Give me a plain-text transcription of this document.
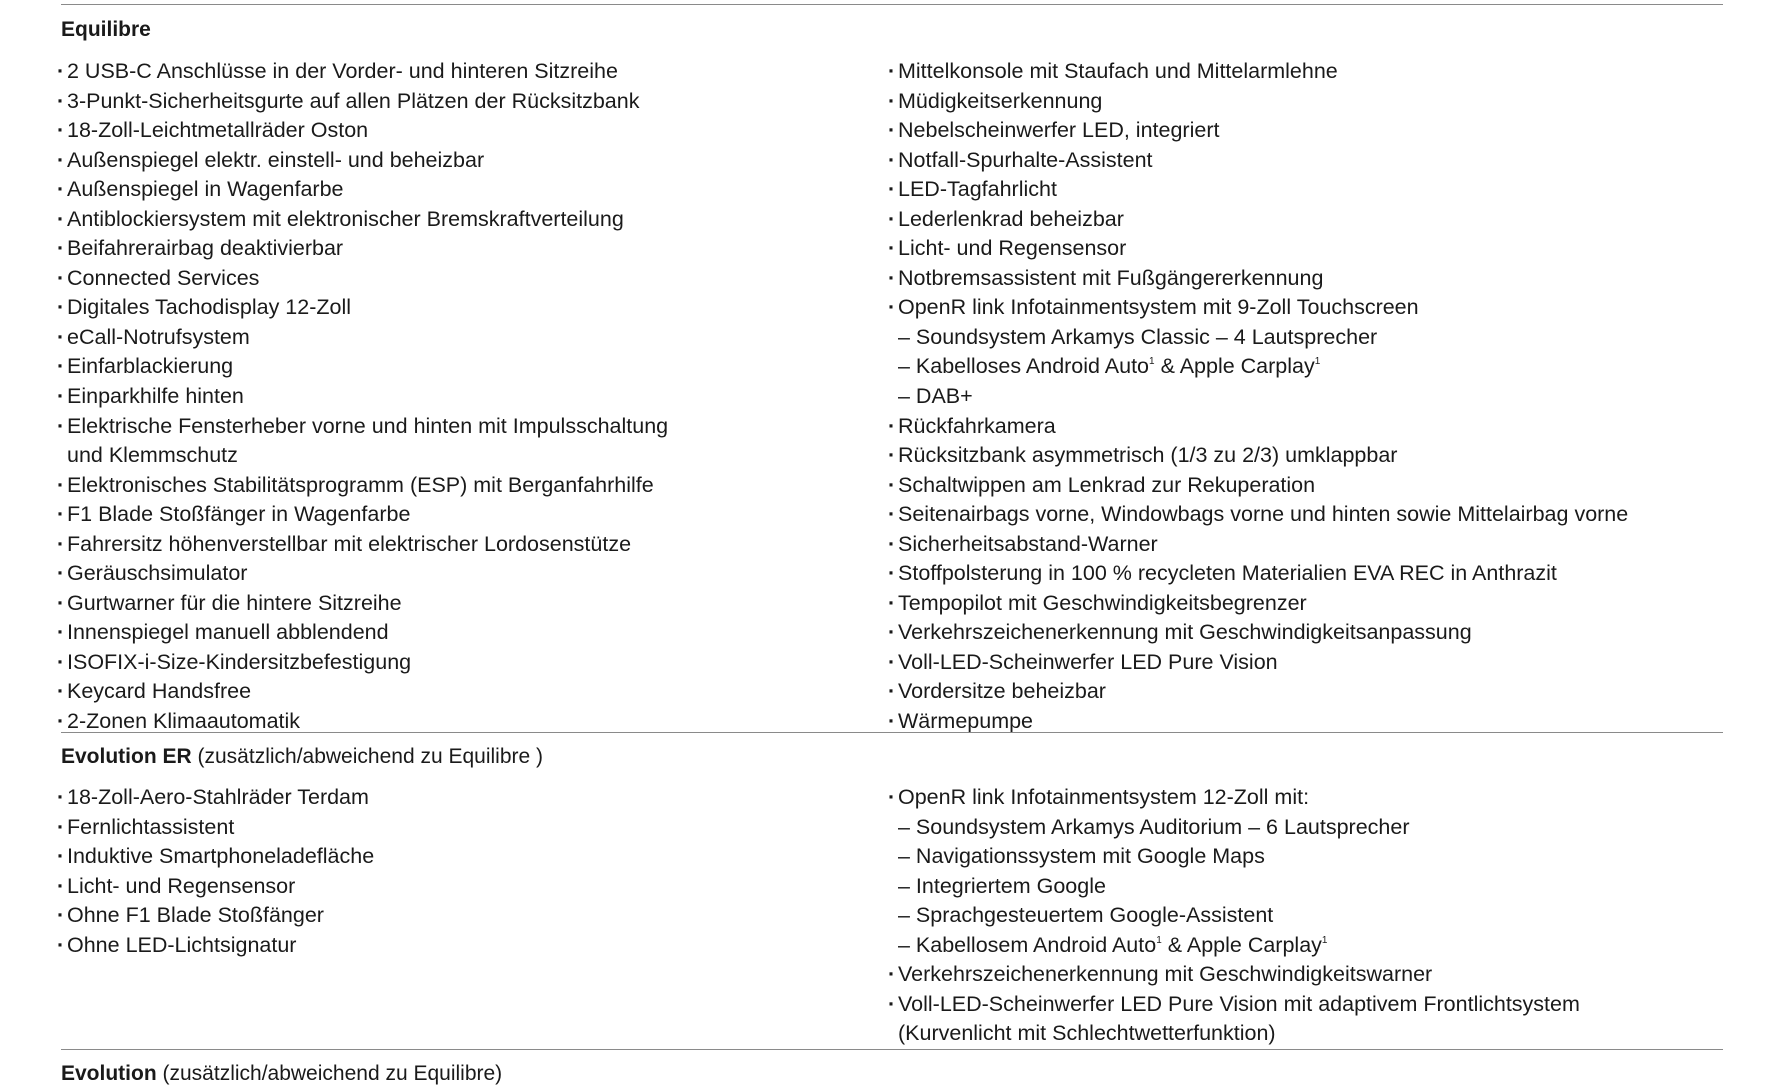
Equilibre
· 2 USB-C Anschlüsse in der Vorder- und hinteren Sitzreihe
· 3-Punkt-Sicherheitsgurte auf allen Plätzen der Rücksitzbank
· 18-Zoll-Leichtmetallräder Oston
· Außenspiegel elektr. einstell- und beheizbar
· Außenspiegel in Wagenfarbe
· Antiblockiersystem mit elektronischer Bremskraftverteilung
· Beifahrerairbag deaktivierbar
· Connected Services
· Digitales Tachodisplay 12-Zoll
· eCall-Notrufsystem
· Einfarblackierung
· Einparkhilfe hinten
· Elektrische Fensterheber vorne und hinten mit Impulsschaltung
und Klemmschutz
· Elektronisches Stabilitätsprogramm (ESP) mit Berganfahrhilfe
· F1 Blade Stoßfänger in Wagenfarbe
· Fahrersitz höhenverstellbar mit elektrischer Lordosenstütze
· Geräuschsimulator
· Gurtwarner für die hintere Sitzreihe
· Innenspiegel manuell abblendend
· ISOFIX-i-Size-Kindersitzbefestigung
· Keycard Handsfree
· 2-Zonen Klimaautomatik
· Mittelkonsole mit Staufach und Mittelarmlehne
· Müdigkeitserkennung
· Nebelscheinwerfer LED, integriert
· Notfall-Spurhalte-Assistent
· LED-Tagfahrlicht
· Lederlenkrad beheizbar
· Licht- und Regensensor
· Notbremsassistent mit Fußgängererkennung
· OpenR link Infotainmentsystem mit 9-Zoll Touchscreen
– Soundsystem Arkamys Classic – 4 Lautsprecher
– Kabelloses Android Auto$^1$ & Apple Carplay$^1$
– DAB+
· Rückfahrkamera
· Rücksitzbank asymmetrisch (1/3 zu 2/3) umklappbar
· Schaltwippen am Lenkrad zur Rekuperation
· Seitenairbags vorne, Windowbags vorne und hinten sowie Mittelairbag vorne
· Sicherheitsabstand-Warner
· Stoffpolsterung in 100 % recycleten Materialien EVA REC in Anthrazit
· Tempopilot mit Geschwindigkeitsbegrenzer
· Verkehrszeichenerkennung mit Geschwindigkeitsanpassung
· Voll-LED-Scheinwerfer LED Pure Vision
· Vordersitze beheizbar
· Wärmepumpe
Evolution ER (zusätzlich/abweichend zu Equilibre )
· 18-Zoll-Aero-Stahlräder Terdam
· Fernlichtassistent
· Induktive Smartphoneladefläche
· Licht- und Regensensor
· Ohne F1 Blade Stoßfänger
· Ohne LED-Lichtsignatur
· OpenR link Infotainmentsystem 12-Zoll mit:
– Soundsystem Arkamys Auditorium – 6 Lautsprecher
– Navigationssystem mit Google Maps
– Integriertem Google
– Sprachgesteuertem Google-Assistent
– Kabellosem Android Auto$^1$ & Apple Carplay$^1$
· Verkehrszeichenerkennung mit Geschwindigkeitswarner
· Voll-LED-Scheinwerfer LED Pure Vision mit adaptivem Frontlichtsystem
(Kurvenlicht mit Schlechtwetterfunktion)
Evolution (zusätzlich/abweichend zu Equilibre)
